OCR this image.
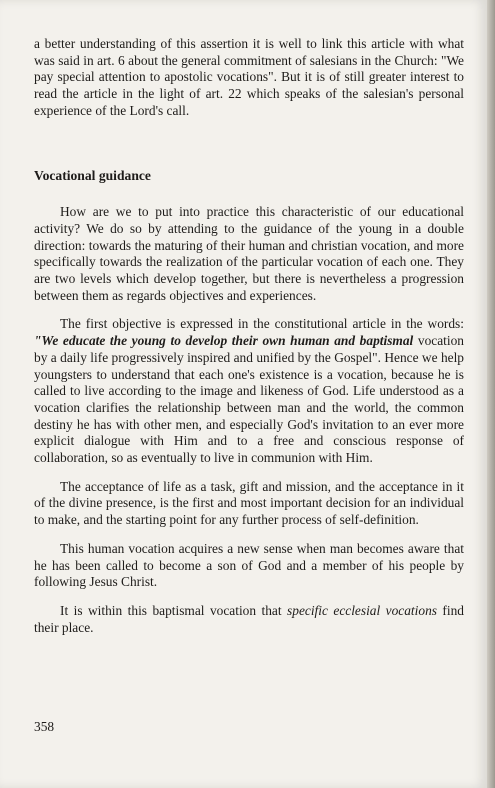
a better understanding of this assertion it is well to link this article with what was said in art. 6 about the general commitment of salesians in the Church: "We pay special attention to apostolic vocations". But it is of still greater interest to read the article in the light of art. 22 which speaks of the salesian's personal experience of the Lord's call.

Vocational guidance

How are we to put into practice this characteristic of our educational activity? We do so by attending to the guidance of the young in a double direction: towards the maturing of their human and christian vocation, and more specifically towards the realization of the particular vocation of each one. They are two levels which develop together, but there is nevertheless a progression between them as regards objectives and experiences.

The first objective is expressed in the constitutional article in the words: "We educate the young to develop their own human and baptismal vocation by a daily life progressively inspired and unified by the Gospel". Hence we help youngsters to understand that each one's existence is a vocation, because he is called to live according to the image and likeness of God. Life understood as a vocation clarifies the relationship between man and the world, the common destiny he has with other men, and especially God's invitation to an ever more explicit dialogue with Him and to a free and conscious response of collaboration, so as eventually to live in communion with Him.

The acceptance of life as a task, gift and mission, and the acceptance in it of the divine presence, is the first and most important decision for an individual to make, and the starting point for any further process of self-definition.

This human vocation acquires a new sense when man becomes aware that he has been called to become a son of God and a member of his people by following Jesus Christ.

It is within this baptismal vocation that specific ecclesial vocations find their place.

358
